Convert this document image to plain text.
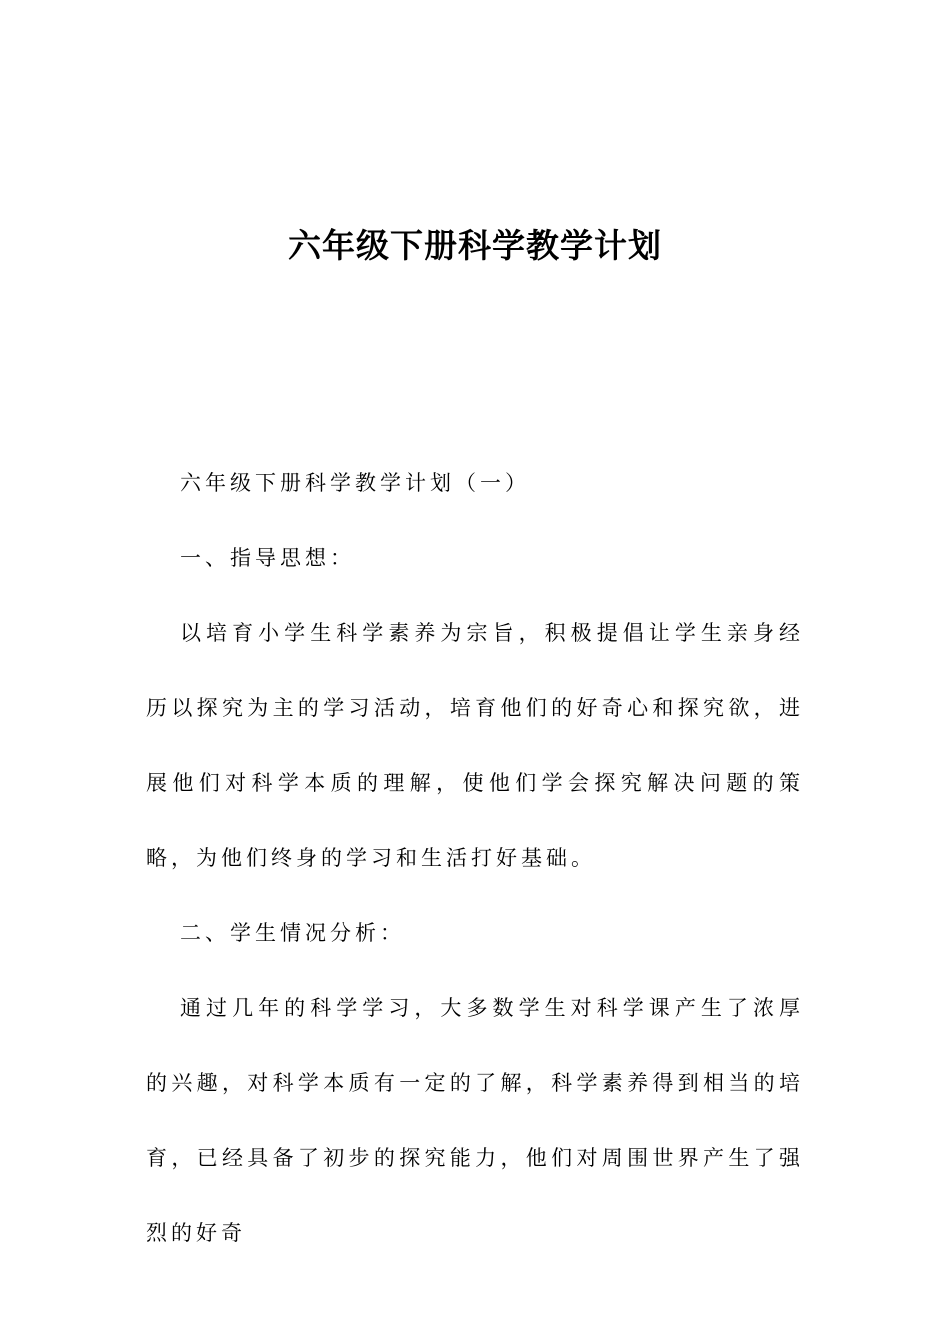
六年级下册科学教学计划

六年级下册科学教学计划（一）

一、指导思想：

以培育小学生科学素养为宗旨，积极提倡让学生亲身经历以探究为主的学习活动，培育他们的好奇心和探究欲，进展他们对科学本质的理解，使他们学会探究解决问题的策略，为他们终身的学习和生活打好基础。

二、学生情况分析：

通过几年的科学学习，大多数学生对科学课产生了浓厚的兴趣，对科学本质有一定的了解，科学素养得到相当的培育，已经具备了初步的探究能力，他们对周围世界产生了强烈的好奇
